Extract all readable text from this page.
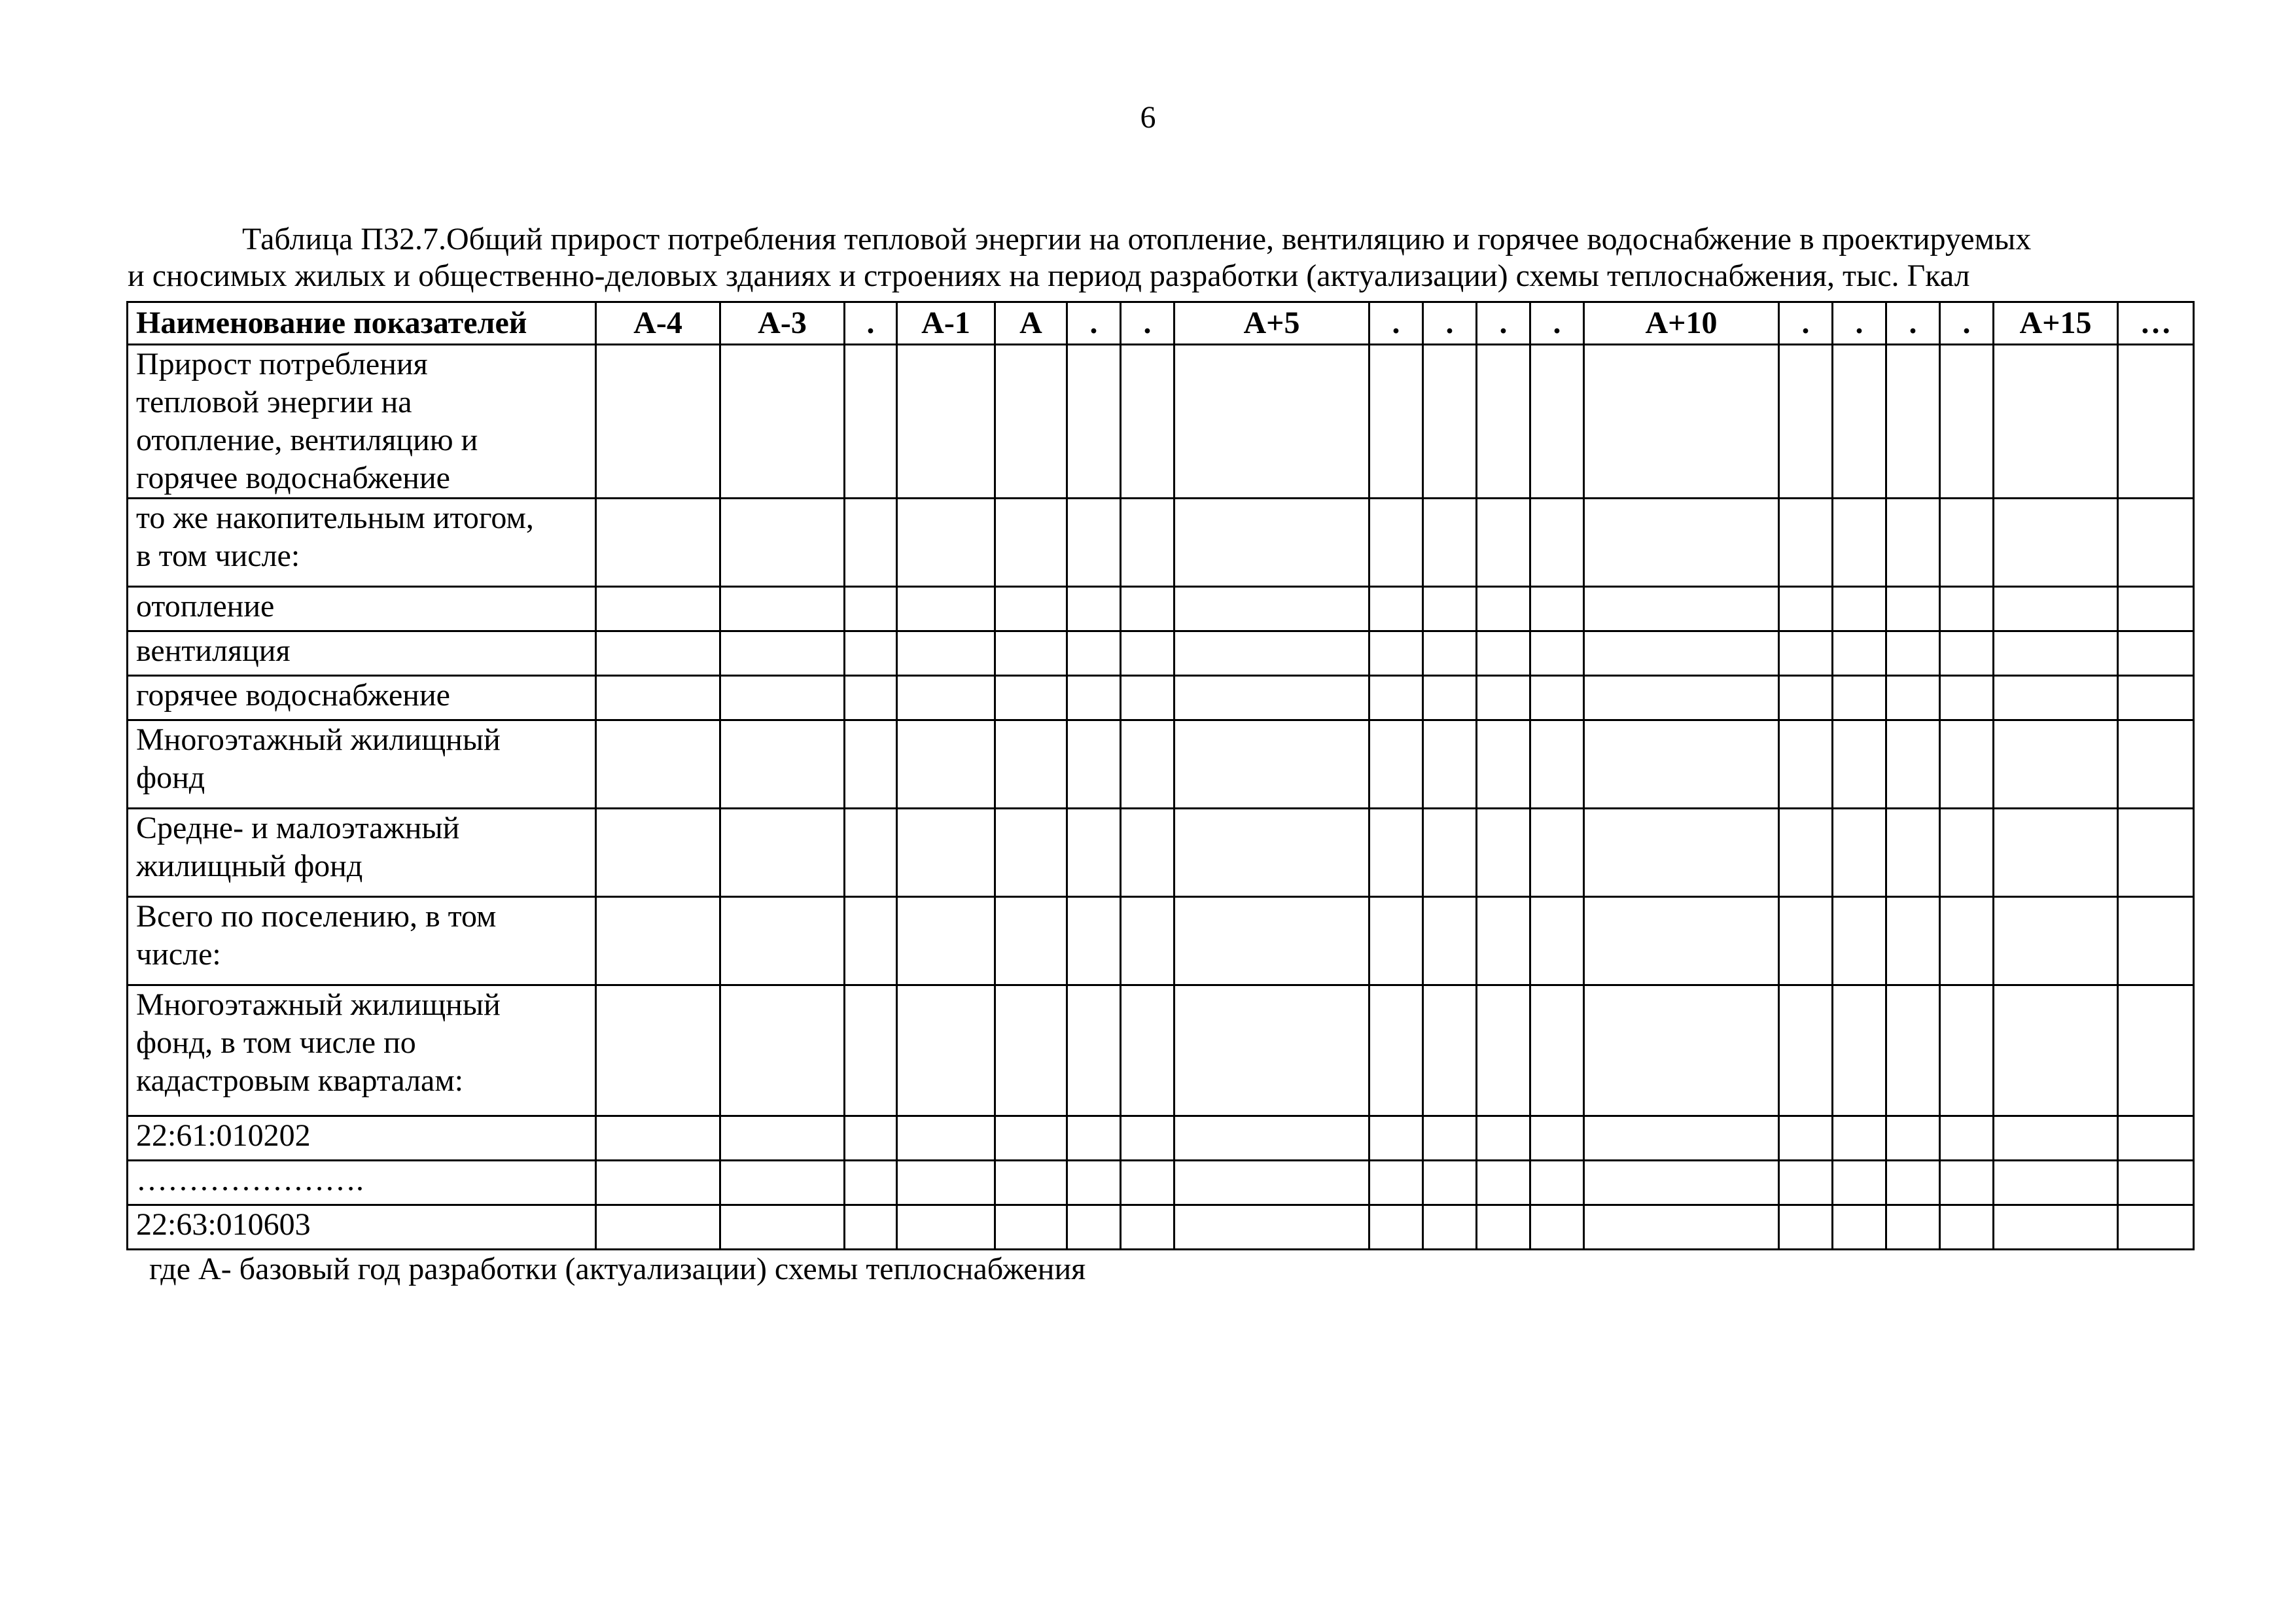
6
Таблица П32.7.Общий прирост потребления тепловой энергии на отопление, вентиляцию и горячее водоснабжение в проектируемых
и сносимых жилых и общественно-деловых зданиях и строениях на период разработки (актуализации) схемы теплоснабжения, тыс. Гкал
Наименование показателей	А-4	А-3	.	А-1	А	.	.	А+5	.	.	.	.	А+10	.	.	.	.	А+15	…

Прирост потребления
тепловой энергии на
отопление, вентиляцию и
горячее водоснабжение																			

то же накопительным итогом,
в том числе:																			

отопление																			

вентиляция																			

горячее водоснабжение																			

Многоэтажный жилищный
фонд																			

Средне- и малоэтажный
жилищный фонд																			

Всего по поселению, в том
числе:																			

Многоэтажный жилищный
фонд, в том числе по
кадастровым кварталам:																			

22:61:010202																			

………………….																			

22:63:010603																			

где А- базовый год разработки (актуализации) схемы теплоснабжения
